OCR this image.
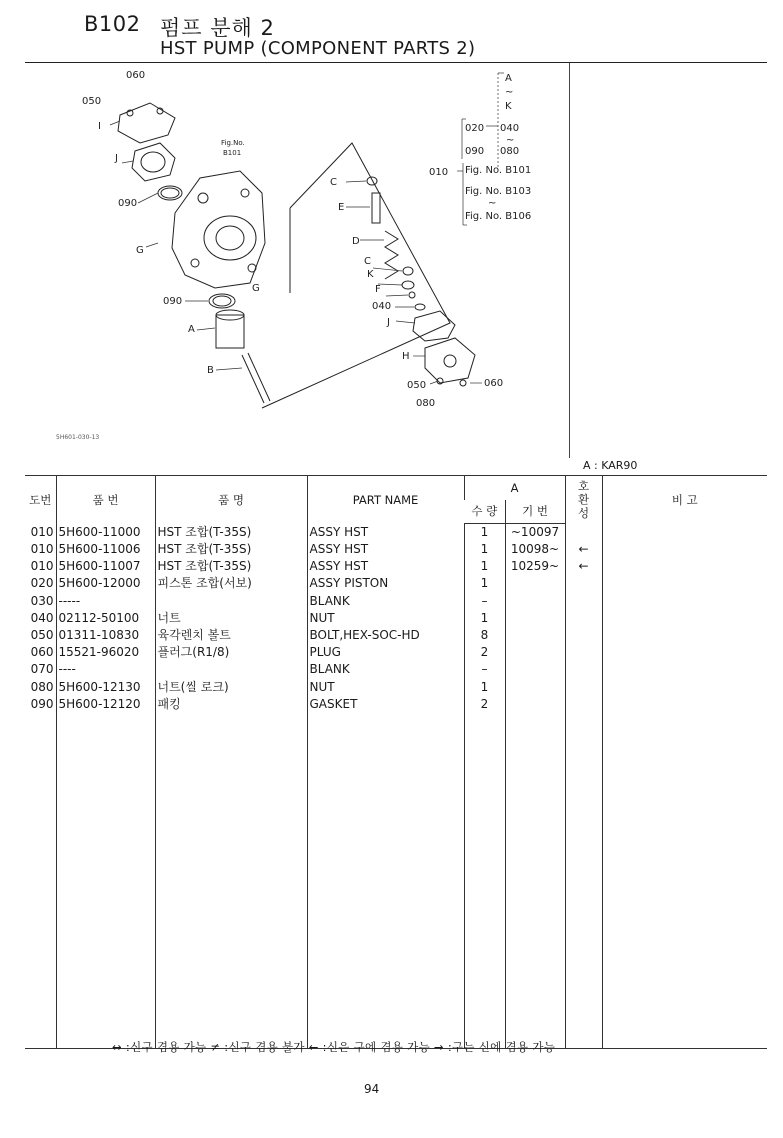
B102 펌프 분해 2
HST PUMP (COMPONENT PARTS 2)
060
050
I
Fig.No.
B101
J
090
G
G
090
A
B
C
E
D
C
K
F
040
J
H
050	060
080
5H601-030-13
A
~
K
020 040
~
090 080
010 Fig. No. B101
Fig. No. B103
~
Fig. No. B106
A : KAR90
도번	품 번	품 명	PART NAME	A		호환성	비 고
				수 량	기 번		
010	5H600-11000	HST 조합(T-35S)	ASSY HST	1	~10097		
010	5H600-11006	HST 조합(T-35S)	ASSY HST	1	10098~	←	
010	5H600-11007	HST 조합(T-35S)	ASSY HST	1	10259~	←	
020	5H600-12000	피스톤 조합(서보)	ASSY PISTON	1			
030	-----		BLANK	–			
040	02112-50100	너트	NUT	1			
050	01311-10830	육각렌치 볼트	BOLT,HEX-SOC-HD	8			
060	15521-96020	플러그(R1/8)	PLUG	2			
070	----		BLANK	–			
080	5H600-12130	너트(씰 로크)	NUT	1			
090	5H600-12120	패킹	GASKET	2			

↔ :신구 겸용 가능 ≠ :신구 겸용 불가 ← :신은 구에 겸용 가능 → :구는 신에 겸용 가능
94
